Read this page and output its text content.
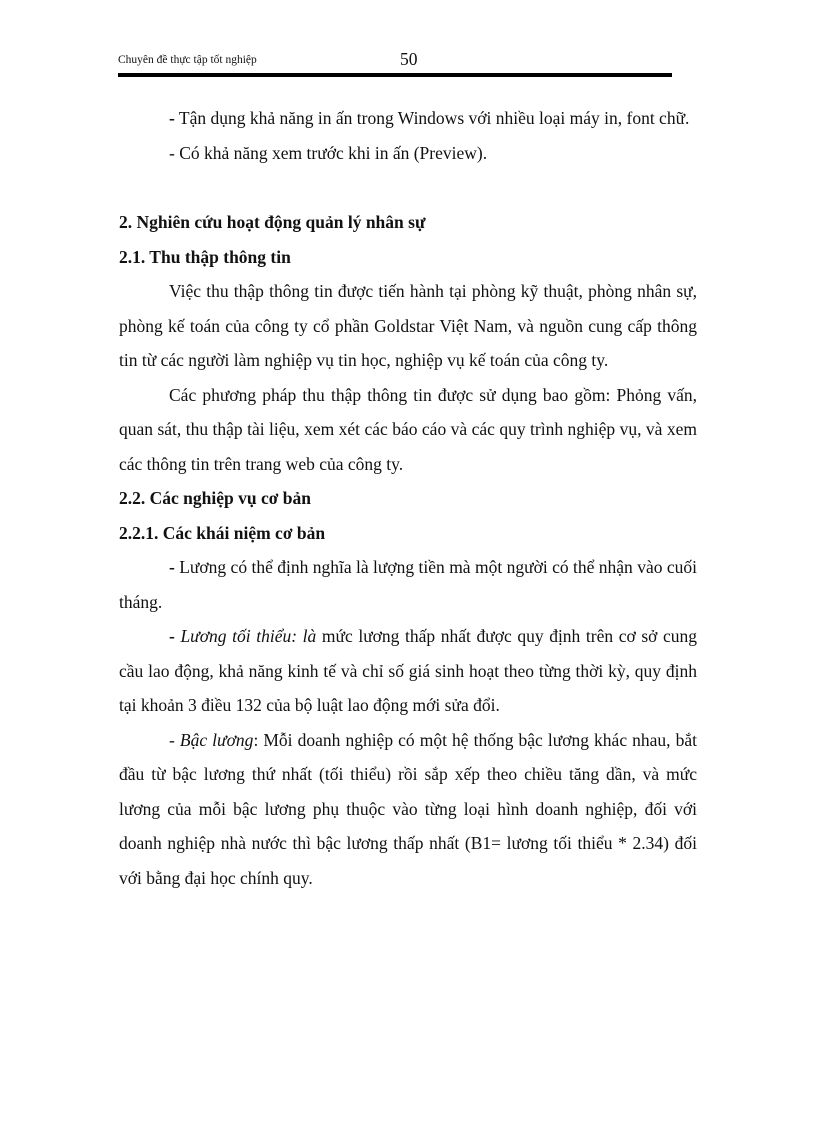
Chuyên đề thực tập tốt nghiệp	50

- Tận dụng khả năng in ấn trong Windows với nhiều loại máy in, font chữ.

- Có khả năng xem trước khi in ấn (Preview).

2. Nghiên cứu hoạt động quản lý nhân sự
2.1. Thu thập thông tin

Việc thu thập thông tin được tiến hành tại phòng kỹ thuật, phòng nhân sự, phòng kế toán của công ty cổ phần Goldstar Việt Nam, và nguồn cung cấp thông tin từ các người làm nghiệp vụ tin học, nghiệp vụ kế toán của công ty.

Các phương pháp thu thập thông tin được sử dụng bao gồm: Phỏng vấn, quan sát, thu thập tài liệu, xem xét các báo cáo và các quy trình nghiệp vụ, và xem các thông tin trên trang web của công ty.

2.2. Các nghiệp vụ cơ bản
2.2.1. Các khái niệm cơ bản

- Lương có thể định nghĩa là lượng tiền mà một người có thể nhận vào cuối tháng.

- Lương tối thiểu: là mức lương thấp nhất được quy định trên cơ sở cung cầu lao động, khả năng kinh tế và chỉ số giá sinh hoạt theo từng thời kỳ, quy định tại khoản 3 điều 132 của bộ luật lao động mới sửa đổi.

- Bậc lương: Mỗi doanh nghiệp có một hệ thống bậc lương khác nhau, bắt đầu từ bậc lương thứ nhất (tối thiểu) rồi sắp xếp theo chiều tăng dần, và mức lương của mỗi bậc lương phụ thuộc vào từng loại hình doanh nghiệp, đối với doanh nghiệp nhà nước thì bậc lương thấp nhất (B1= lương tối thiểu * 2.34) đối với bằng đại học chính quy.
